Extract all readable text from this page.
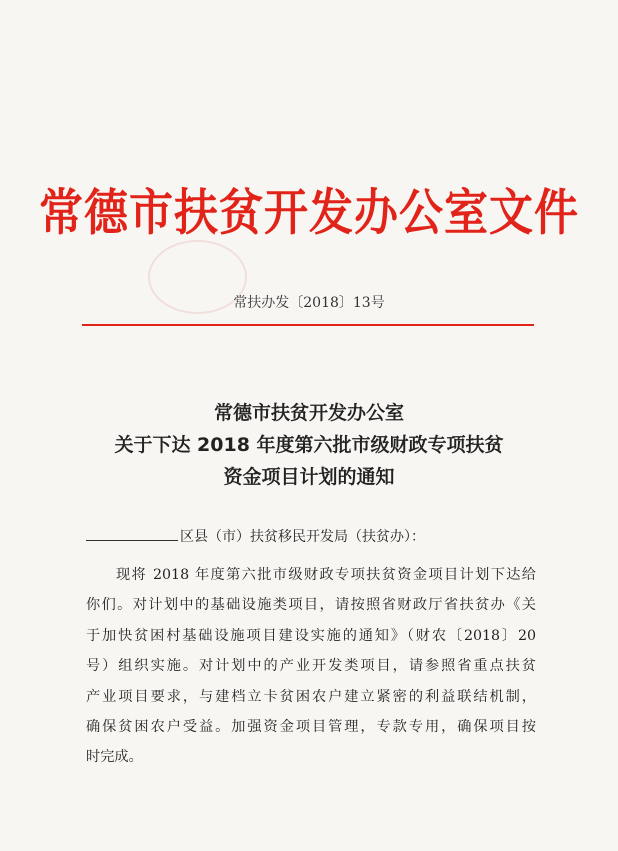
常德市扶贫开发办公室文件
常扶办发〔2018〕13号
常德市扶贫开发办公室
关于下达 2018 年度第六批市级财政专项扶贫
资金项目计划的通知
区县（市）扶贫移民开发局（扶贫办）：
现将 2018 年度第六批市级财政专项扶贫资金项目计划下达给
你们。对计划中的基础设施类项目，请按照省财政厅省扶贫办《关
于加快贫困村基础设施项目建设实施的通知》（财农〔2018〕20
号）组织实施。对计划中的产业开发类项目，请参照省重点扶贫
产业项目要求，与建档立卡贫困农户建立紧密的利益联结机制，
确保贫困农户受益。加强资金项目管理，专款专用，确保项目按
时完成。
